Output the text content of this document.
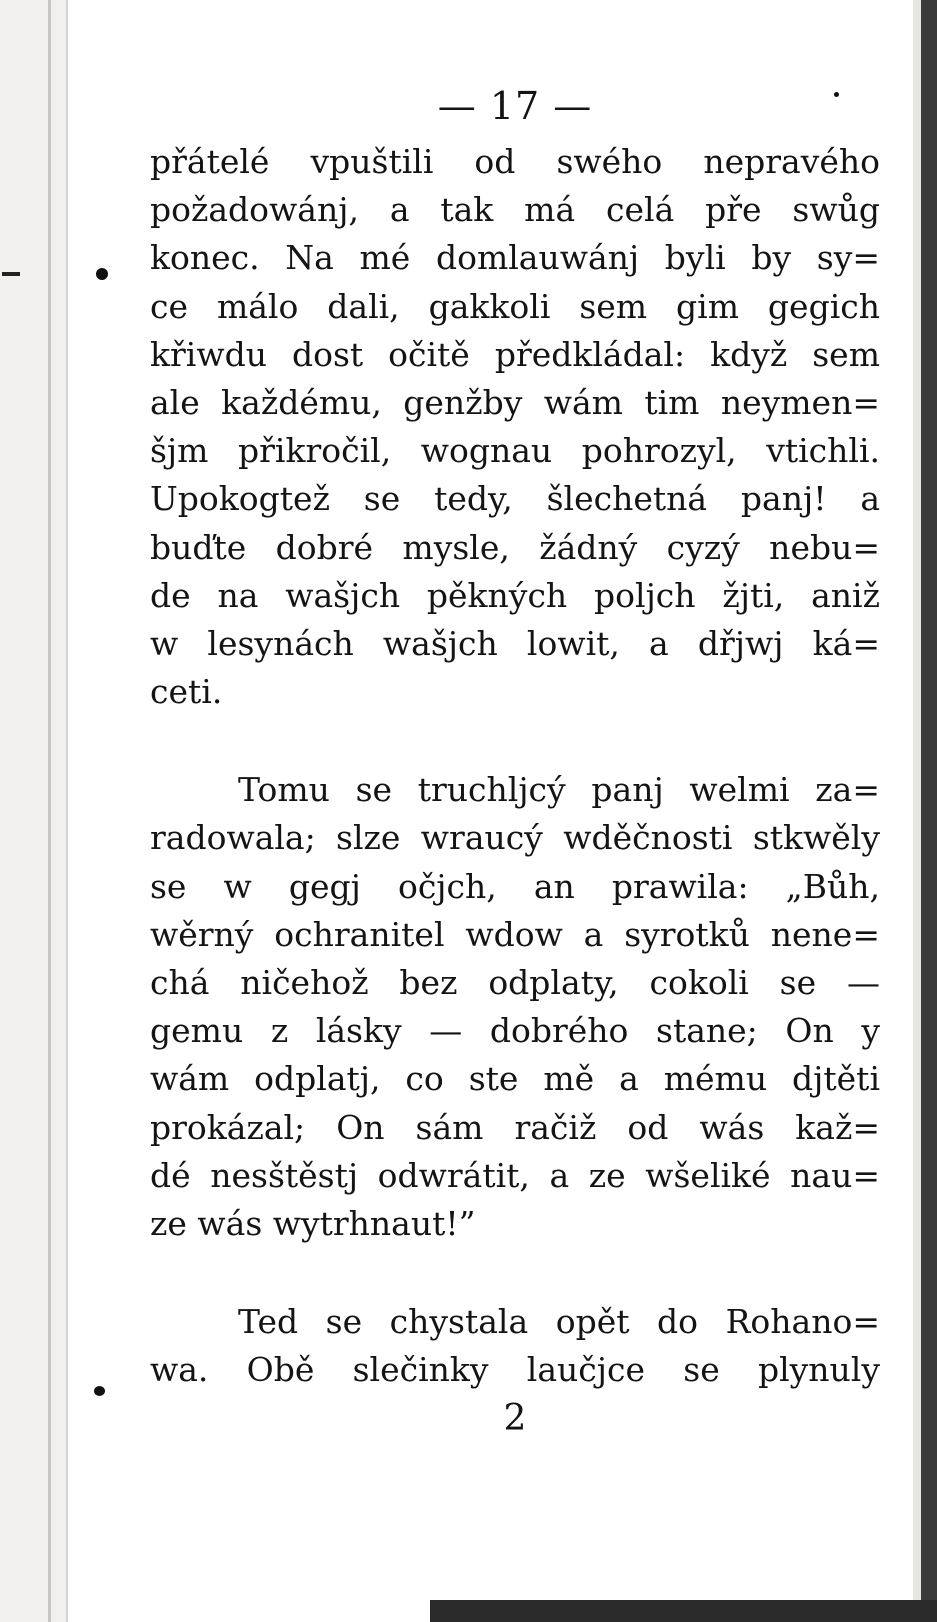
— 17 —
přátelé vpuštili od swého nepravého
požadowánj, a tak má celá pře swůg
konec. Na mé domlauwánj byli by sy=
ce málo dali, gakkoli sem gim gegich
křiwdu dost očitě předkládal: když sem
ale každému, genžby wám tim neymen=
šjm přikročil, wognau pohrozyl, vtichli.
Upokogtež se tedy, šlechetná panj! a
buďte dobré mysle, žádný cyzý nebu=
de na wašjch pěkných poljch žjti, aniž
w lesynách wašjch lowit, a dřjwj ká=
ceti.
Tomu se truchljcý panj welmi za=
radowala; slze wraucý wděčnosti stkwěly
se w gegj očjch, an prawila: „Bůh,
wěrný ochranitel wdow a syrotků nene=
chá ničehož bez odplaty, cokoli se —
gemu z lásky — dobrého stane; On y
wám odplatj, co ste mě a mému djtěti
prokázal; On sám račiž od wás kaž=
dé nesštěstj odwrátit, a ze wšeliké nau=
ze wás wytrhnaut!”
Ted se chystala opět do Rohano=
wa. Obě slečinky laučjce se plynuly
2
